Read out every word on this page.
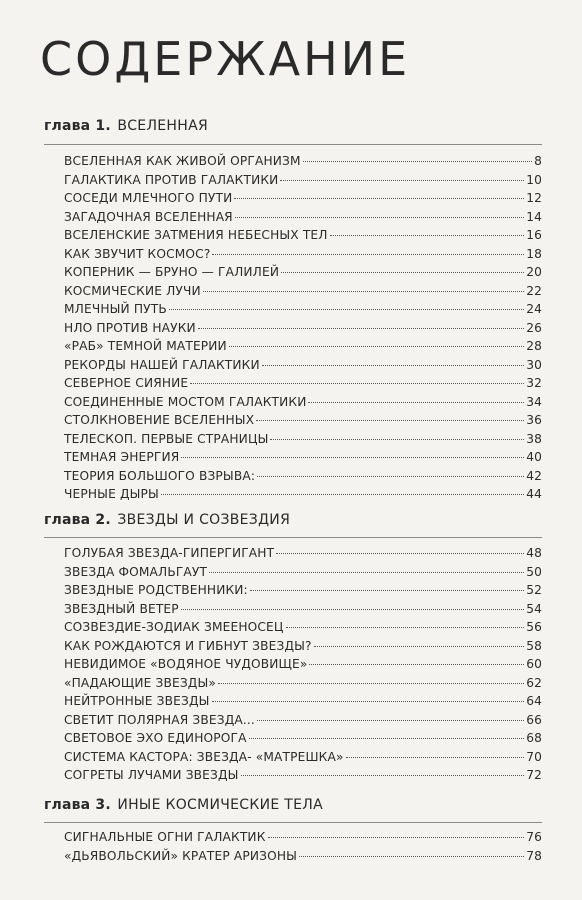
СОДЕРЖАНИЕ
глава 1. ВСЕЛЕННАЯ
ВСЕЛЕННАЯ КАК ЖИВОЙ ОРГАНИЗМ	8
ГАЛАКТИКА ПРОТИВ ГАЛАКТИКИ	10
СОСЕДИ МЛЕЧНОГО ПУТИ	12
ЗАГАДОЧНАЯ ВСЕЛЕННАЯ	14
ВСЕЛЕНСКИЕ ЗАТМЕНИЯ НЕБЕСНЫХ ТЕЛ	16
КАК ЗВУЧИТ КОСМОС?	18
КОПЕРНИК — БРУНО — ГАЛИЛЕЙ	20
КОСМИЧЕСКИЕ ЛУЧИ	22
МЛЕЧНЫЙ ПУТЬ	24
НЛО ПРОТИВ НАУКИ	26
«РАБ» ТЕМНОЙ МАТЕРИИ	28
РЕКОРДЫ НАШЕЙ ГАЛАКТИКИ	30
СЕВЕРНОЕ СИЯНИЕ	32
СОЕДИНЕННЫЕ МОСТОМ ГАЛАКТИКИ	34
СТОЛКНОВЕНИЕ ВСЕЛЕННЫХ	36
ТЕЛЕСКОП. ПЕРВЫЕ СТРАНИЦЫ	38
ТЕМНАЯ ЭНЕРГИЯ	40
ТЕОРИЯ БОЛЬШОГО ВЗРЫВА:	42
ЧЕРНЫЕ ДЫРЫ	44
глава 2. ЗВЕЗДЫ И СОЗВЕЗДИЯ
ГОЛУБАЯ ЗВЕЗДА-ГИПЕРГИГАНТ	48
ЗВЕЗДА ФОМАЛЬГАУТ	50
ЗВЕЗДНЫЕ РОДСТВЕННИКИ:	52
ЗВЕЗДНЫЙ ВЕТЕР	54
СОЗВЕЗДИЕ-ЗОДИАК ЗМЕЕНОСЕЦ	56
КАК РОЖДАЮТСЯ И ГИБНУТ ЗВЕЗДЫ?	58
НЕВИДИМОЕ «ВОДЯНОЕ ЧУДОВИЩЕ»	60
«ПАДАЮЩИЕ ЗВЕЗДЫ»	62
НЕЙТРОННЫЕ ЗВЕЗДЫ	64
СВЕТИТ ПОЛЯРНАЯ ЗВЕЗДА...	66
СВЕТОВОЕ ЭХО ЕДИНОРОГА	68
СИСТЕМА КАСТОРА: ЗВЕЗДА- «МАТРЕШКА»	70
СОГРЕТЫ ЛУЧАМИ ЗВЕЗДЫ	72
глава 3. ИНЫЕ КОСМИЧЕСКИЕ ТЕЛА
СИГНАЛЬНЫЕ ОГНИ ГАЛАКТИК	76
«ДЬЯВОЛЬСКИЙ» КРАТЕР АРИЗОНЫ	78
